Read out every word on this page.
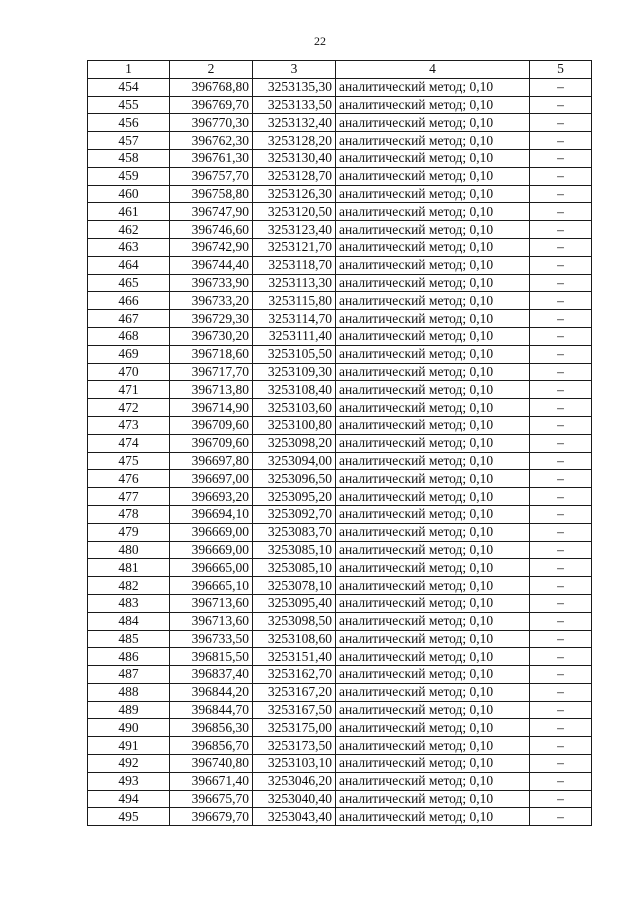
22
1	2	3	4	5
454	396768,80	3253135,30	аналитический метод; 0,10	–
455	396769,70	3253133,50	аналитический метод; 0,10	–
456	396770,30	3253132,40	аналитический метод; 0,10	–
457	396762,30	3253128,20	аналитический метод; 0,10	–
458	396761,30	3253130,40	аналитический метод; 0,10	–
459	396757,70	3253128,70	аналитический метод; 0,10	–
460	396758,80	3253126,30	аналитический метод; 0,10	–
461	396747,90	3253120,50	аналитический метод; 0,10	–
462	396746,60	3253123,40	аналитический метод; 0,10	–
463	396742,90	3253121,70	аналитический метод; 0,10	–
464	396744,40	3253118,70	аналитический метод; 0,10	–
465	396733,90	3253113,30	аналитический метод; 0,10	–
466	396733,20	3253115,80	аналитический метод; 0,10	–
467	396729,30	3253114,70	аналитический метод; 0,10	–
468	396730,20	3253111,40	аналитический метод; 0,10	–
469	396718,60	3253105,50	аналитический метод; 0,10	–
470	396717,70	3253109,30	аналитический метод; 0,10	–
471	396713,80	3253108,40	аналитический метод; 0,10	–
472	396714,90	3253103,60	аналитический метод; 0,10	–
473	396709,60	3253100,80	аналитический метод; 0,10	–
474	396709,60	3253098,20	аналитический метод; 0,10	–
475	396697,80	3253094,00	аналитический метод; 0,10	–
476	396697,00	3253096,50	аналитический метод; 0,10	–
477	396693,20	3253095,20	аналитический метод; 0,10	–
478	396694,10	3253092,70	аналитический метод; 0,10	–
479	396669,00	3253083,70	аналитический метод; 0,10	–
480	396669,00	3253085,10	аналитический метод; 0,10	–
481	396665,00	3253085,10	аналитический метод; 0,10	–
482	396665,10	3253078,10	аналитический метод; 0,10	–
483	396713,60	3253095,40	аналитический метод; 0,10	–
484	396713,60	3253098,50	аналитический метод; 0,10	–
485	396733,50	3253108,60	аналитический метод; 0,10	–
486	396815,50	3253151,40	аналитический метод; 0,10	–
487	396837,40	3253162,70	аналитический метод; 0,10	–
488	396844,20	3253167,20	аналитический метод; 0,10	–
489	396844,70	3253167,50	аналитический метод; 0,10	–
490	396856,30	3253175,00	аналитический метод; 0,10	–
491	396856,70	3253173,50	аналитический метод; 0,10	–
492	396740,80	3253103,10	аналитический метод; 0,10	–
493	396671,40	3253046,20	аналитический метод; 0,10	–
494	396675,70	3253040,40	аналитический метод; 0,10	–
495	396679,70	3253043,40	аналитический метод; 0,10	–
